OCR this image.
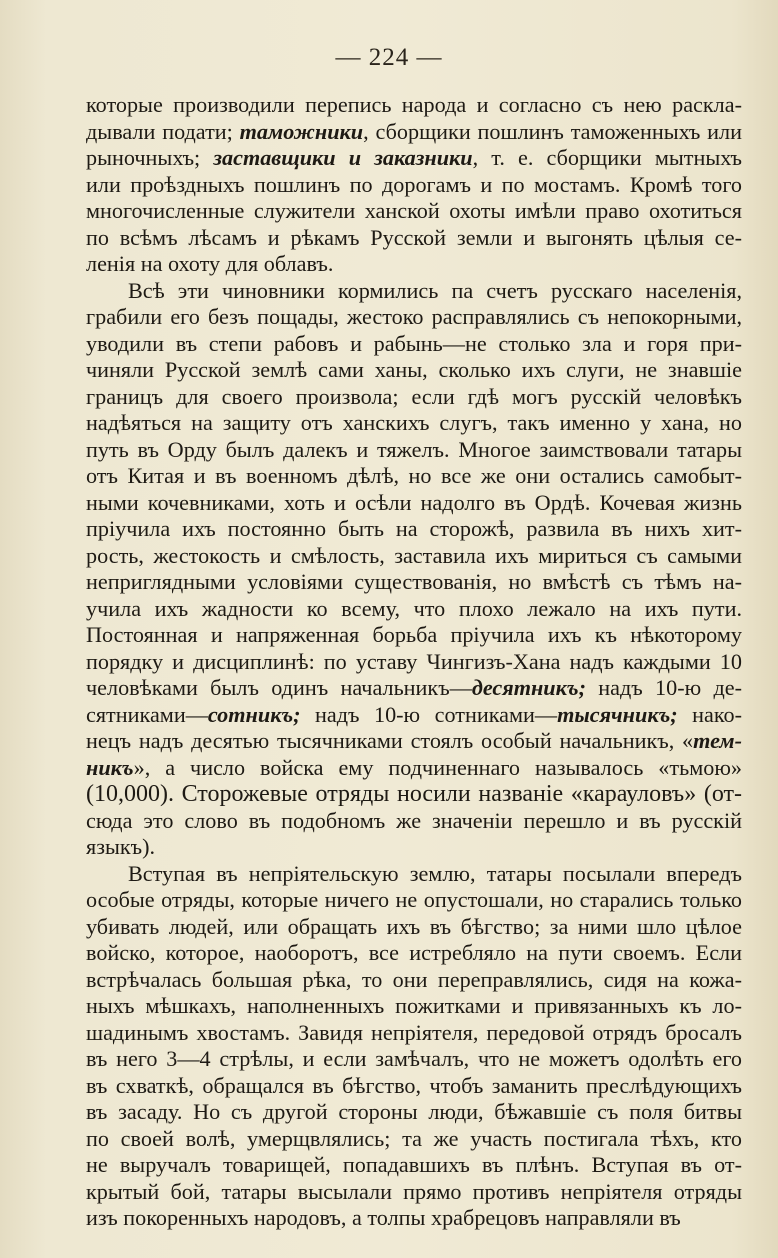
— 224 —
которые производили перепись народа и согласно съ нею раскла-
дывали подати; таможники, сборщики пошлинъ таможенныхъ или
рыночныхъ; заставщики и заказники, т. е. сборщики мытныхъ
или проѣздныхъ пошлинъ по дорогамъ и по мостамъ. Кромѣ того
многочисленные служители ханской охоты имѣли право охотиться
по всѣмъ лѣсамъ и рѣкамъ Русской земли и выгонять цѣлыя се-
ленія на охоту для облавъ.
Всѣ эти чиновники кормились па счетъ русскаго населенія,
грабили его безъ пощады, жестоко расправлялись съ непокорными,
уводили въ степи рабовъ и рабынь—не столько зла и горя при-
чиняли Русской землѣ сами ханы, сколько ихъ слуги, не знавшіе
границъ для своего произвола; если гдѣ могъ русскій человѣкъ
надѣяться на защиту отъ ханскихъ слугъ, такъ именно у хана, но
путь въ Орду былъ далекъ и тяжелъ. Многое заимствовали татары
отъ Китая и въ военномъ дѣлѣ, но все же они остались самобыт-
ными кочевниками, хоть и осѣли надолго въ Ордѣ. Кочевая жизнь
пріучила ихъ постоянно быть на сторожѣ, развила въ нихъ хит-
рость, жестокость и смѣлость, заставила ихъ мириться съ самыми
неприглядными условіями существованія, но вмѣстѣ съ тѣмъ на-
учила ихъ жадности ко всему, что плохо лежало на ихъ пути.
Постоянная и напряженная борьба пріучила ихъ къ нѣкоторому
порядку и дисциплинѣ: по уставу Чингизъ-Хана надъ каждыми 10
человѣками былъ одинъ начальникъ—десятникъ; надъ 10-ю де-
сятниками—сотникъ; надъ 10-ю сотниками—тысячникъ; нако-
нецъ надъ десятью тысячниками стоялъ особый начальникъ, «тем-
никъ», а число войска ему подчиненнаго называлось «тьмою»
(10,000). Сторожевые отряды носили названіе «карауловъ» (от-
сюда это слово въ подобномъ же значеніи перешло и въ русскій
языкъ).
Вступая въ непріятельскую землю, татары посылали впередъ
особые отряды, которые ничего не опустошали, но старались только
убивать людей, или обращать ихъ въ бѣгство; за ними шло цѣлое
войско, которое, наоборотъ, все истребляло на пути своемъ. Если
встрѣчалась большая рѣка, то они переправлялись, сидя на кожа-
ныхъ мѣшкахъ, наполненныхъ пожитками и привязанныхъ къ ло-
шадинымъ хвостамъ. Завидя непріятеля, передовой отрядъ бросалъ
въ него 3—4 стрѣлы, и если замѣчалъ, что не можетъ одолѣть его
въ схваткѣ, обращался въ бѣгство, чтобъ заманить преслѣдующихъ
въ засаду. Но съ другой стороны люди, бѣжавшіе съ поля битвы
по своей волѣ, умерщвлялись; та же участь постигала тѣхъ, кто
не выручалъ товарищей, попадавшихъ въ плѣнъ. Вступая въ от-
крытый бой, татары высылали прямо противъ непріятеля отряды
изъ покоренныхъ народовъ, а толпы храбрецовъ направляли въ
